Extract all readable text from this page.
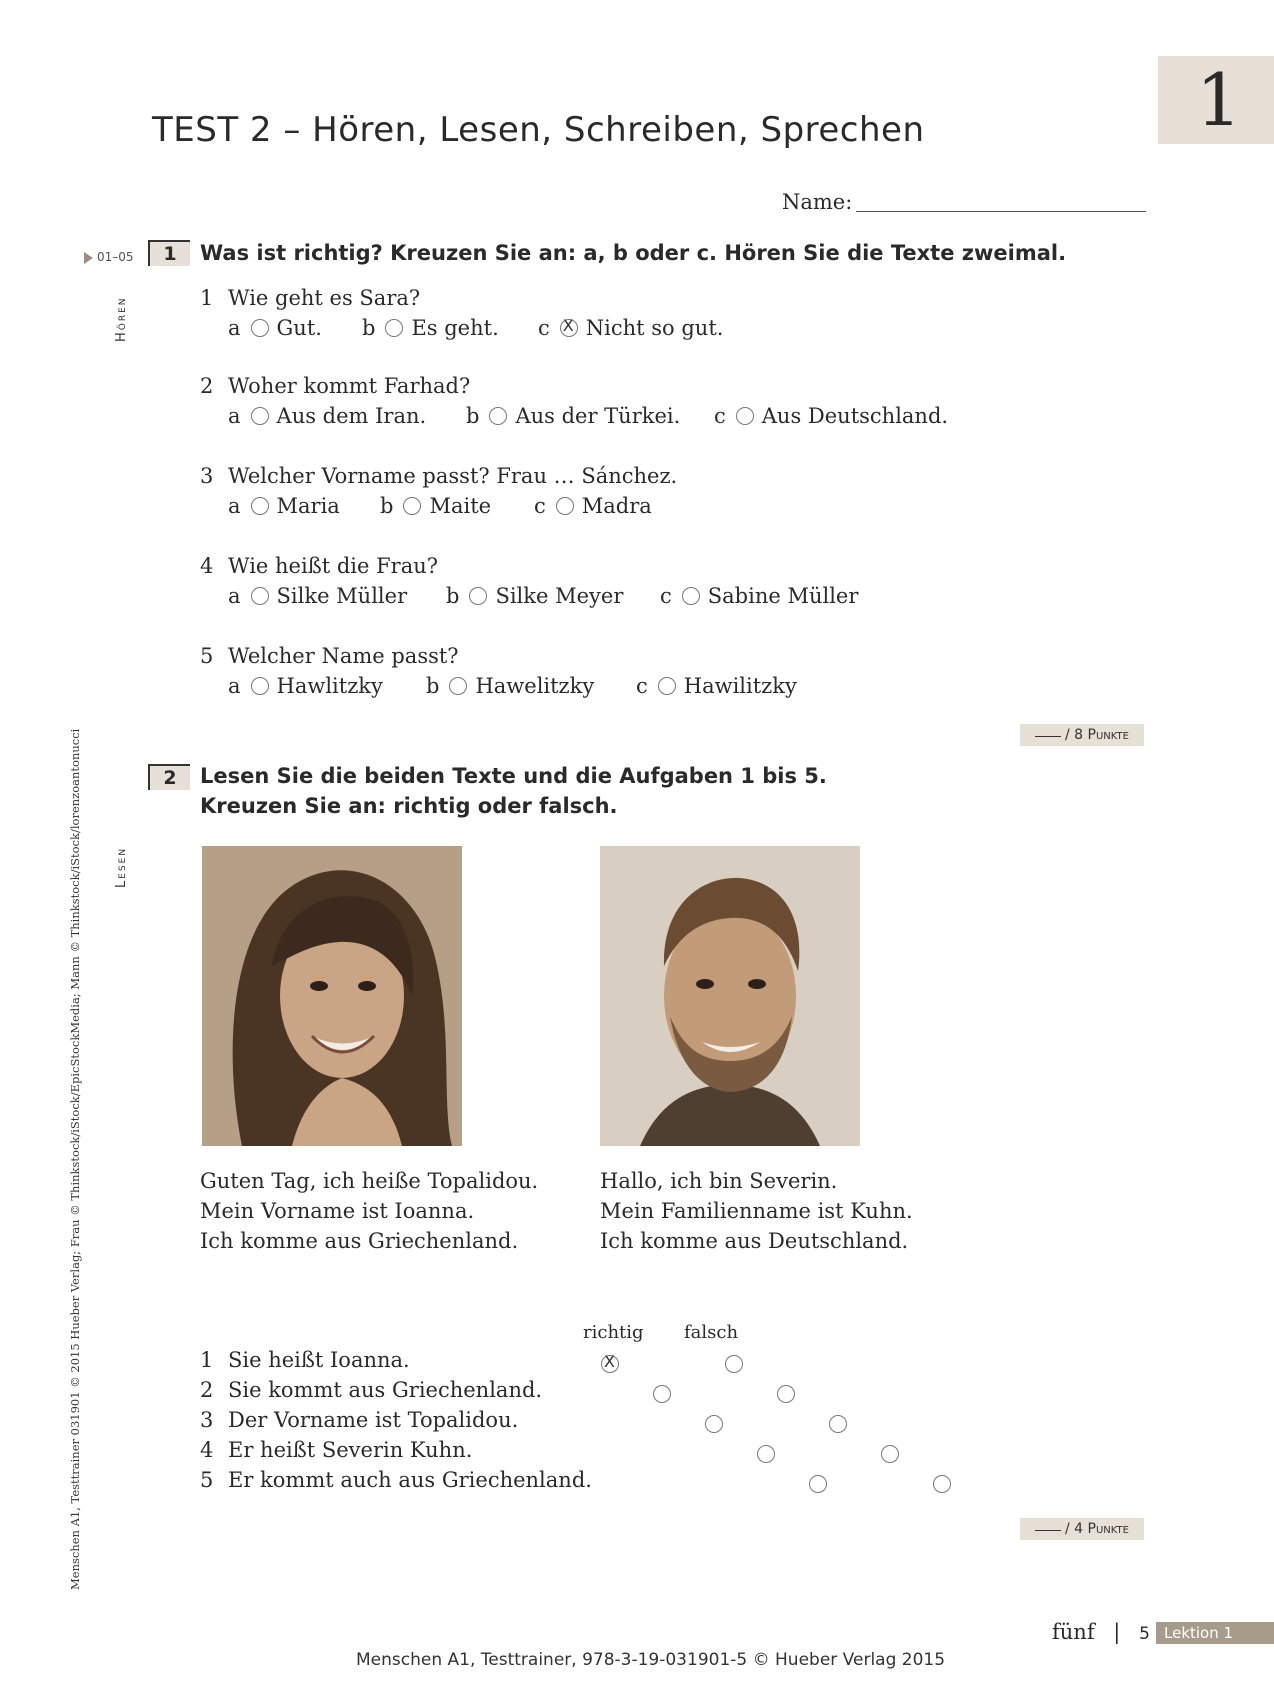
TEST 2 – Hören, Lesen, Schreiben, Sprechen	1
Name:
01–05	1	Was ist richtig? Kreuzen Sie an: a, b oder c. Hören Sie die Texte zweimal.
Hören	1 Wie geht es Sara?
a Gut. b Es geht. cX Nicht so gut.
2 Woher kommt Farhad?
a Aus dem Iran. b Aus der Türkei. c Aus Deutschland.
3 Welcher Vorname passt? Frau … Sánchez.
a Maria b Maite c Madra
4 Wie heißt die Frau?
a Silke Müller b Silke Meyer c Sabine Müller
5 Welcher Name passt?
a Hawlitzky b Hawelitzky c Hawilitzky
/ 8 Punkte
2	Lesen Sie die beiden Texte und die Aufgaben 1 bis 5.
Kreuzen Sie an: richtig oder falsch.
Lesen
Guten Tag, ich heiße Topalidou.
Mein Vorname ist Ioanna.
Ich komme aus Griechenland.
Hallo, ich bin Severin.
Mein Familienname ist Kuhn.
Ich komme aus Deutschland.
richtig falsch
1 Sie heißt Ioanna.
X
2 Sie kommt aus Griechenland.
3 Der Vorname ist Topalidou.
4 Er heißt Severin Kuhn.
5 Er kommt auch aus Griechenland.
/ 4 Punkte
Menschen A1, Testtrainer 031901 © 2015 Hueber Verlag; Frau © Thinkstock/iStock/EpicStockMedia; Mann © Thinkstock/iStock/lorenzoantonucci
fünf | 5 Lektion 1
Menschen A1, Testtrainer, 978-3-19-031901-5 © Hueber Verlag 2015
